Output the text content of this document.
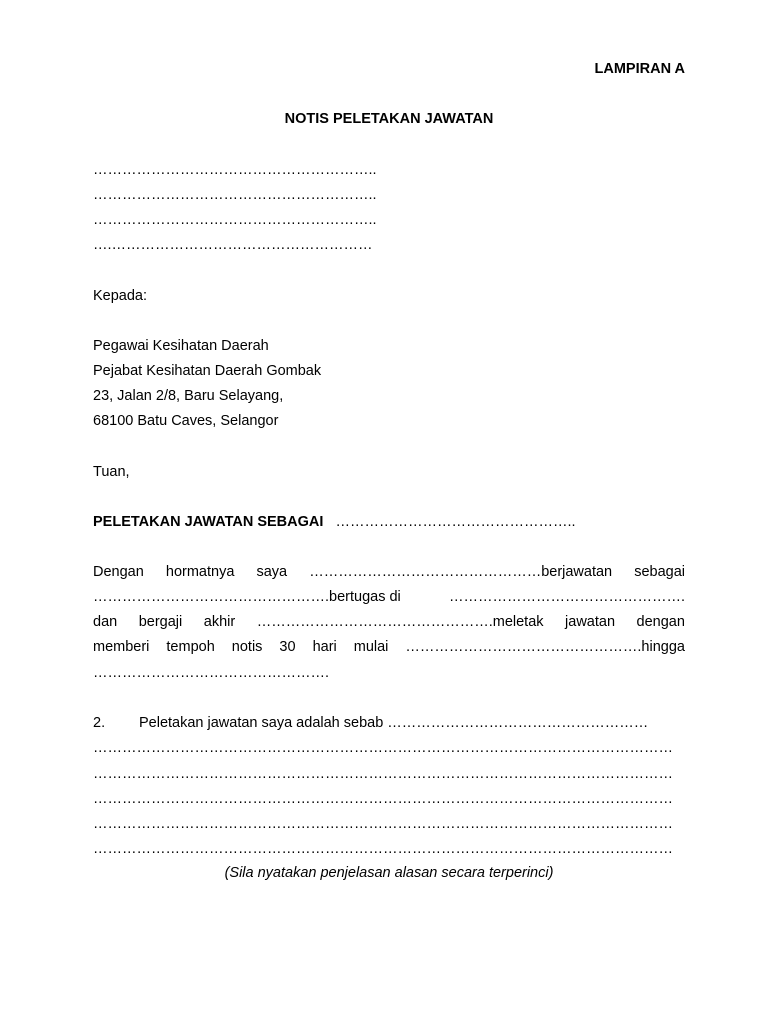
LAMPIRAN A
NOTIS PELETAKAN JAWATAN
…………………………………………………..
…………………………………………………..
…………………………………………………..
….………………………………………………
Kepada:
Pegawai Kesihatan Daerah
Pejabat Kesihatan Daerah Gombak
23, Jalan 2/8, Baru Selayang,
68100 Batu Caves, Selangor
Tuan,
PELETAKAN JAWATAN SEBAGAI …………………………………………..
Dengan hormatnya saya …………………………………………berjawatan sebagai
………………………………………….bertugas di	………………………………………….
dan bergaji akhir ………………………………………….meletak jawatan dengan
memberi tempoh notis 30 hari mulai ………………………………………….hingga
………………………………………….
2. Peletakan jawatan saya adalah sebab ………………………………………………
…………………………………………………………………………………………………………
…………………………………………………………………………………………………………
…………………………………………………………………………………………………………
…………………………………………………………………………………………………………
…………………………………………………………………………………………………………
(Sila nyatakan penjelasan alasan secara terperinci)
